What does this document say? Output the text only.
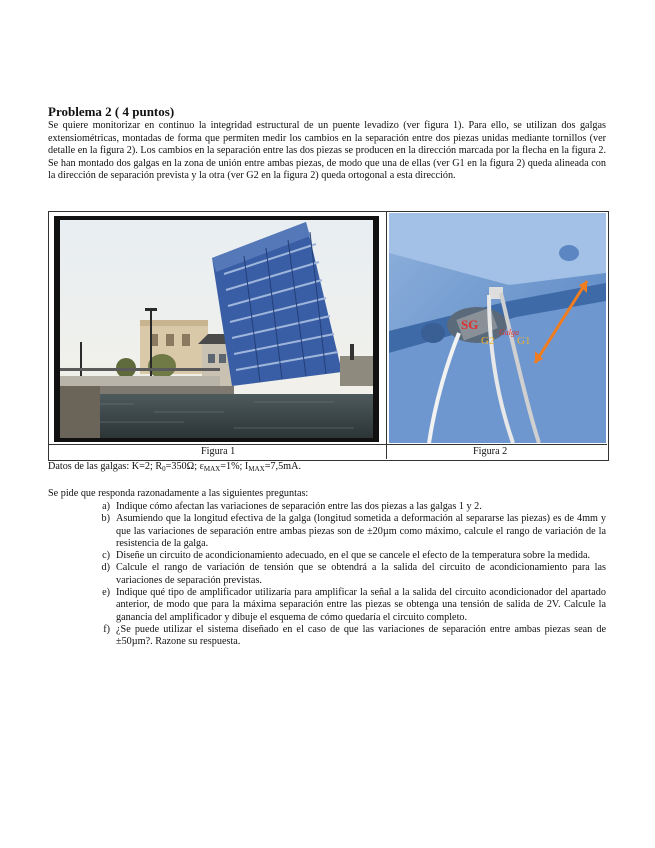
Problema 2 ( 4 puntos)
Se quiere monitorizar en continuo la integridad estructural de un puente levadizo (ver figura 1). Para ello, se utilizan dos galgas extensiométricas, montadas de forma que permiten medir los cambios en la separación entre dos piezas unidas mediante tornillos (ver detalle en la figura 2). Los cambios en la separación entre las dos piezas se producen en la dirección marcada por la flecha en la figura 2. Se han montado dos galgas en la zona de unión entre ambas piezas, de modo que una de ellas (ver G1 en la figura 2) queda alineada con la dirección de separación prevista y la otra (ver G2 en la figura 2) queda ortogonal a esta dirección.
SG
Galga
G2 G1
Figura 1	Figura 2
Datos de las galgas: K=2; $R_0=350\Omega$; $\varepsilon_{MAX}=1\%$; $I_{MAX}=7,5mA$.
Se pide que responda razonadamente a las siguientes preguntas:
a) Indique cómo afectan las variaciones de separación entre las dos piezas a las galgas 1 y 2.
b) Asumiendo que la longitud efectiva de la galga (longitud sometida a deformación al separarse las piezas) es de 4mm y que las variaciones de separación entre ambas piezas son de ±20µm como máximo, calcule el rango de variación de la resistencia de la galga.
c) Diseñe un circuito de acondicionamiento adecuado, en el que se cancele el efecto de la temperatura sobre la medida.
d) Calcule el rango de variación de tensión que se obtendrá a la salida del circuito de acondicionamiento para las variaciones de separación previstas.
e) Indique qué tipo de amplificador utilizaría para amplificar la señal a la salida del circuito acondicionador del apartado anterior, de modo que para la máxima separación entre las piezas se obtenga una tensión de salida de 2V. Calcule la ganancia del amplificador y dibuje el esquema de cómo quedaría el circuito completo.
f) ¿Se puede utilizar el sistema diseñado en el caso de que las variaciones de separación entre ambas piezas sean de ±50µm?. Razone su respuesta.
